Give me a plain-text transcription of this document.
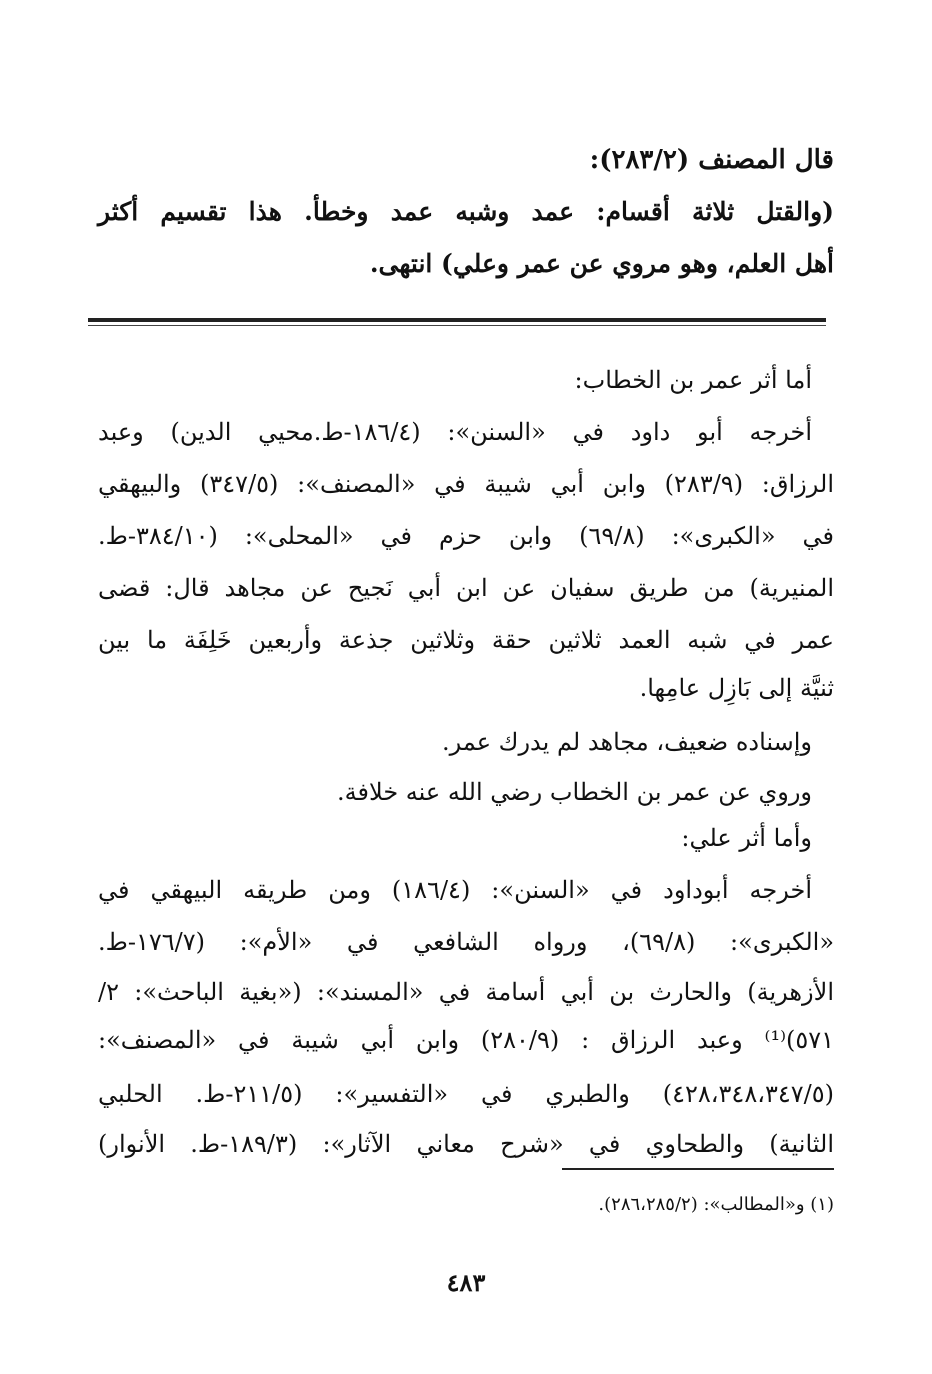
قال المصنف (٢٨٣/٢):
(والقتل ثلاثة أقسام: عمد وشبه عمد وخطأ. هذا تقسيم أكثر
أهل العلم، وهو مروي عن عمر وعلي) انتهى.
أما أثر عمر بن الخطاب:
أخرجه أبو داود في «السنن»: (١٨٦/٤-ط.محيي الدين) وعبد
الرزاق: (٢٨٣/٩) وابن أبي شيبة في «المصنف»: (٣٤٧/٥) والبيهقي
في «الكبرى»: (٦٩/٨) وابن حزم في «المحلى»: (٣٨٤/١٠-ط.
المنيرية) من طريق سفيان عن ابن أبي نَجيح عن مجاهد قال: قضى
عمر في شبه العمد ثلاثين حقة وثلاثين جذعة وأربعين خَلِفَة ما بين
ثنيَّة إلى بَازِل عامِها.
وإسناده ضعيف، مجاهد لم يدرك عمر.
وروي عن عمر بن الخطاب رضي الله عنه خلافة.
وأما أثر علي:
أخرجه أبوداود في «السنن»: (١٨٦/٤) ومن طريقه البيهقي في
«الكبرى»: (٦٩/٨)، ورواه الشافعي في «الأم»: (١٧٦/٧-ط.
الأزهرية) والحارث بن أبي أسامة في «المسند»: («بغية الباحث»: ٢/
٥٧١)⁽¹⁾ وعبد الرزاق : (٢٨٠/٩) وابن أبي شيبة في «المصنف»:
(٤٢٨،٣٤٨،٣٤٧/٥) والطبري في «التفسير»: (٢١١/٥-ط. الحلبي
الثانية) والطحاوي في «شرح معاني الآثار»: (١٨٩/٣-ط. الأنوار)
(١) و«المطالب»: (٢٨٦،٢٨٥/٢).
٤٨٣
